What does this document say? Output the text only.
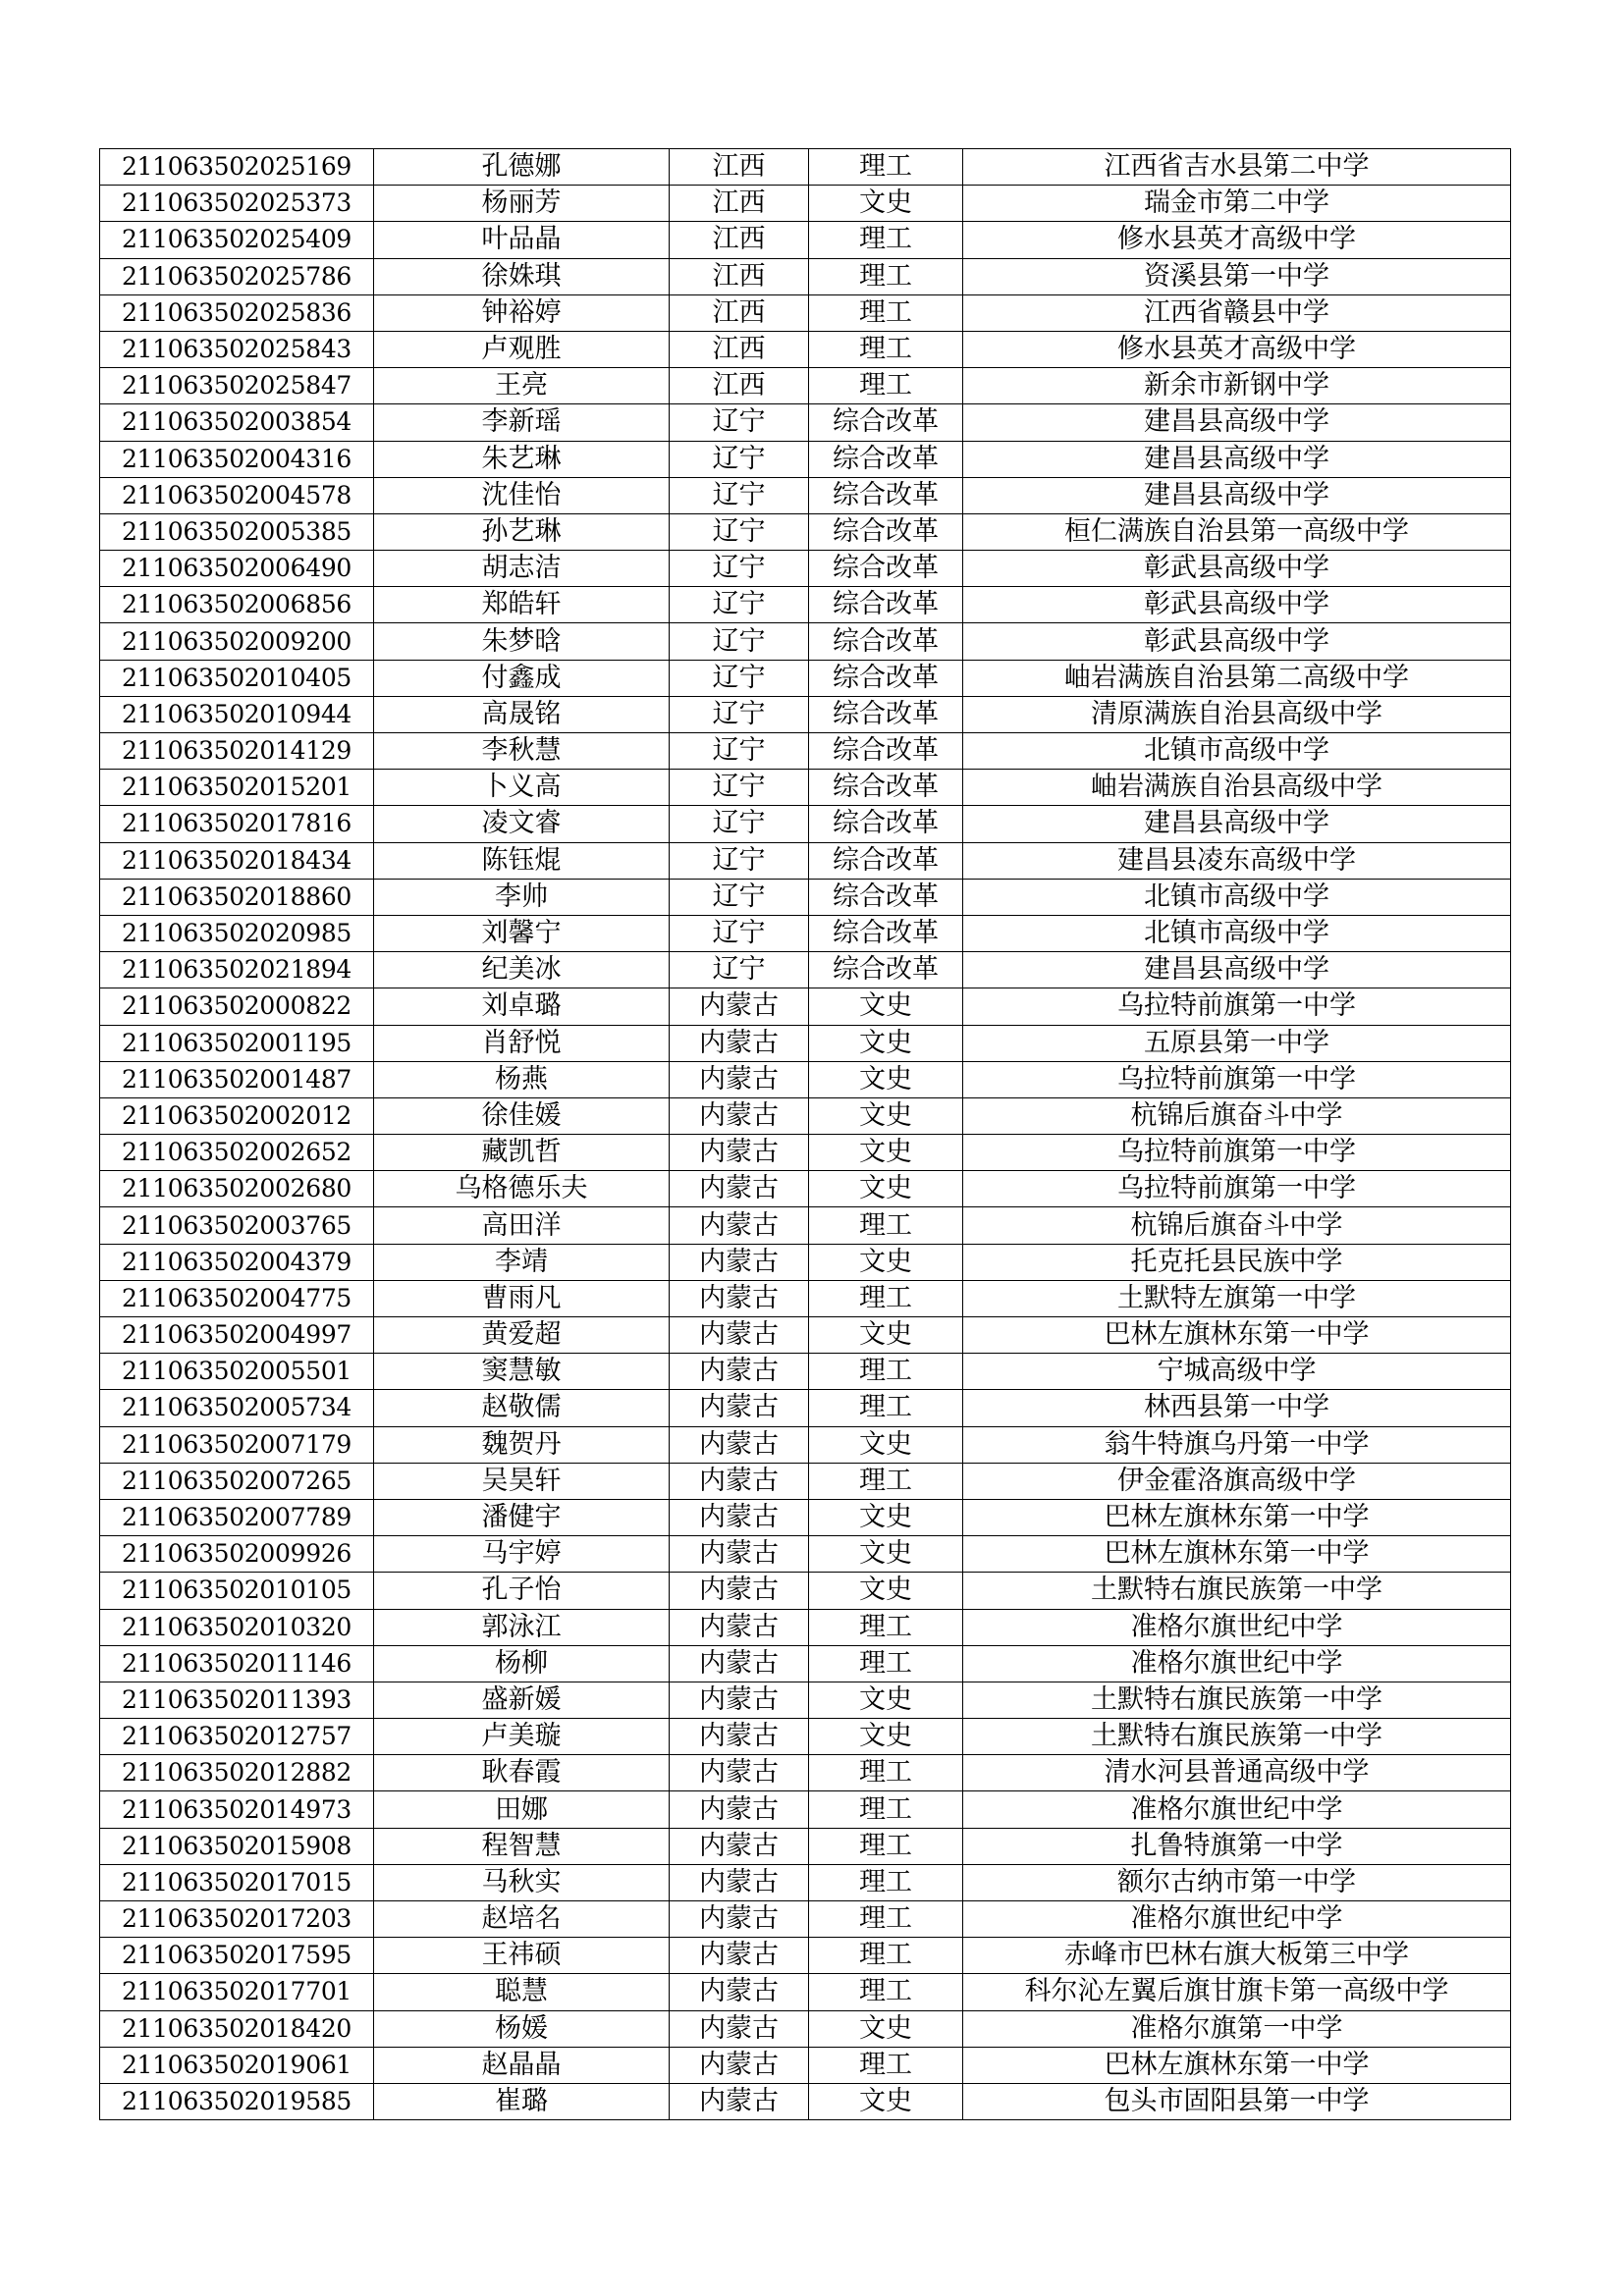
211063502025169	孔德娜	江西	理工	江西省吉水县第二中学
211063502025373	杨丽芳	江西	文史	瑞金市第二中学
211063502025409	叶品晶	江西	理工	修水县英才高级中学
211063502025786	徐姝琪	江西	理工	资溪县第一中学
211063502025836	钟裕婷	江西	理工	江西省赣县中学
211063502025843	卢观胜	江西	理工	修水县英才高级中学
211063502025847	王亮	江西	理工	新余市新钢中学
211063502003854	李新瑶	辽宁	综合改革	建昌县高级中学
211063502004316	朱艺琳	辽宁	综合改革	建昌县高级中学
211063502004578	沈佳怡	辽宁	综合改革	建昌县高级中学
211063502005385	孙艺琳	辽宁	综合改革	桓仁满族自治县第一高级中学
211063502006490	胡志洁	辽宁	综合改革	彰武县高级中学
211063502006856	郑皓轩	辽宁	综合改革	彰武县高级中学
211063502009200	朱梦晗	辽宁	综合改革	彰武县高级中学
211063502010405	付鑫成	辽宁	综合改革	岫岩满族自治县第二高级中学
211063502010944	高晟铭	辽宁	综合改革	清原满族自治县高级中学
211063502014129	李秋慧	辽宁	综合改革	北镇市高级中学
211063502015201	卜义高	辽宁	综合改革	岫岩满族自治县高级中学
211063502017816	凌文睿	辽宁	综合改革	建昌县高级中学
211063502018434	陈钰焜	辽宁	综合改革	建昌县凌东高级中学
211063502018860	李帅	辽宁	综合改革	北镇市高级中学
211063502020985	刘馨宁	辽宁	综合改革	北镇市高级中学
211063502021894	纪美冰	辽宁	综合改革	建昌县高级中学
211063502000822	刘卓璐	内蒙古	文史	乌拉特前旗第一中学
211063502001195	肖舒悦	内蒙古	文史	五原县第一中学
211063502001487	杨燕	内蒙古	文史	乌拉特前旗第一中学
211063502002012	徐佳媛	内蒙古	文史	杭锦后旗奋斗中学
211063502002652	藏凯哲	内蒙古	文史	乌拉特前旗第一中学
211063502002680	乌格德乐夫	内蒙古	文史	乌拉特前旗第一中学
211063502003765	高田洋	内蒙古	理工	杭锦后旗奋斗中学
211063502004379	李靖	内蒙古	文史	托克托县民族中学
211063502004775	曹雨凡	内蒙古	理工	土默特左旗第一中学
211063502004997	黄爱超	内蒙古	文史	巴林左旗林东第一中学
211063502005501	窦慧敏	内蒙古	理工	宁城高级中学
211063502005734	赵敬儒	内蒙古	理工	林西县第一中学
211063502007179	魏贺丹	内蒙古	文史	翁牛特旗乌丹第一中学
211063502007265	吴昊轩	内蒙古	理工	伊金霍洛旗高级中学
211063502007789	潘健宇	内蒙古	文史	巴林左旗林东第一中学
211063502009926	马宇婷	内蒙古	文史	巴林左旗林东第一中学
211063502010105	孔子怡	内蒙古	文史	土默特右旗民族第一中学
211063502010320	郭泳江	内蒙古	理工	准格尔旗世纪中学
211063502011146	杨柳	内蒙古	理工	准格尔旗世纪中学
211063502011393	盛新媛	内蒙古	文史	土默特右旗民族第一中学
211063502012757	卢美璇	内蒙古	文史	土默特右旗民族第一中学
211063502012882	耿春霞	内蒙古	理工	清水河县普通高级中学
211063502014973	田娜	内蒙古	理工	准格尔旗世纪中学
211063502015908	程智慧	内蒙古	理工	扎鲁特旗第一中学
211063502017015	马秋实	内蒙古	理工	额尔古纳市第一中学
211063502017203	赵培名	内蒙古	理工	准格尔旗世纪中学
211063502017595	王祎硕	内蒙古	理工	赤峰市巴林右旗大板第三中学
211063502017701	聪慧	内蒙古	理工	科尔沁左翼后旗甘旗卡第一高级中学
211063502018420	杨媛	内蒙古	文史	准格尔旗第一中学
211063502019061	赵晶晶	内蒙古	理工	巴林左旗林东第一中学
211063502019585	崔璐	内蒙古	文史	包头市固阳县第一中学
